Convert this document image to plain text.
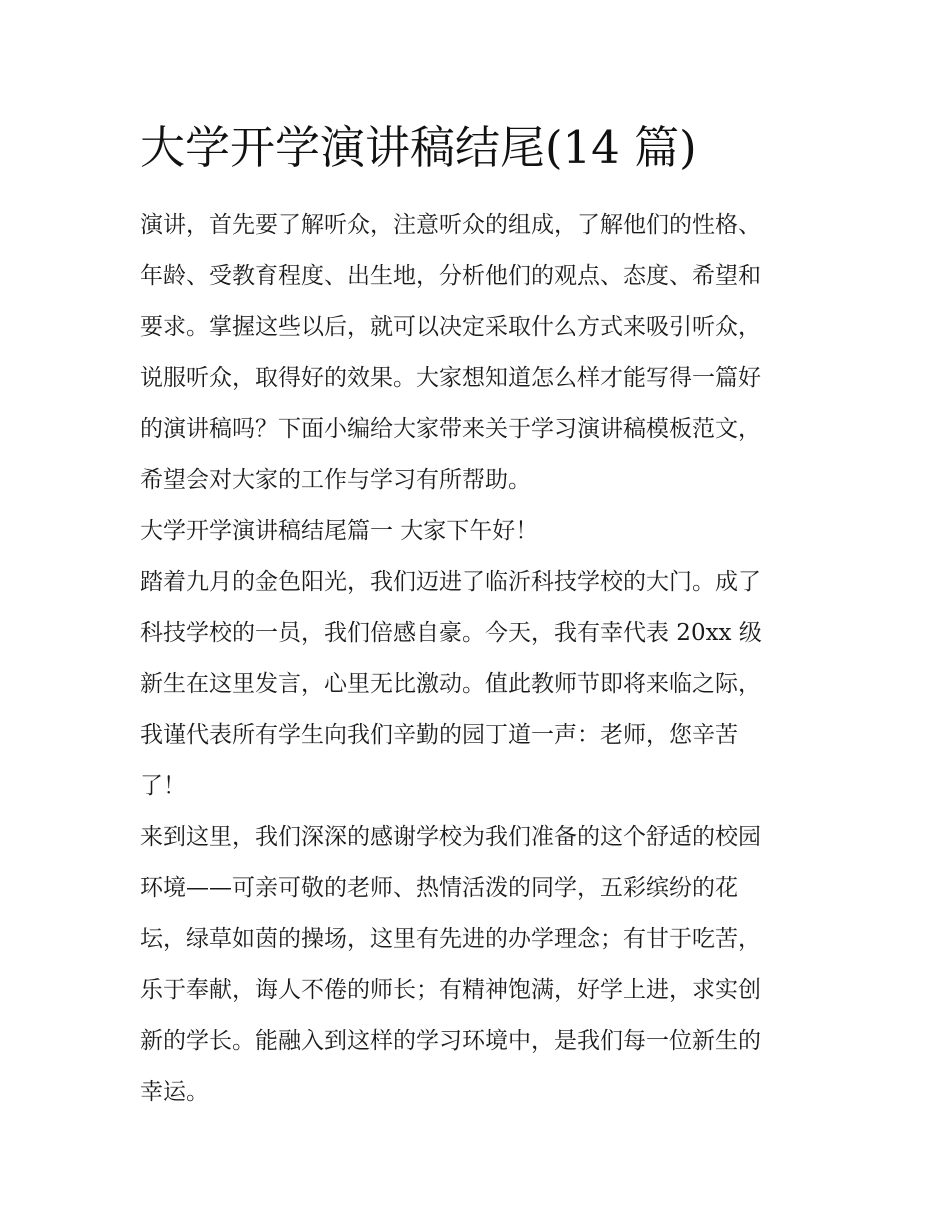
大学开学演讲稿结尾(14 篇)
演讲，首先要了解听众，注意听众的组成，了解他们的性格、
年龄、受教育程度、出生地，分析他们的观点、态度、希望和
要求。掌握这些以后，就可以决定采取什么方式来吸引听众，
说服听众，取得好的效果。大家想知道怎么样才能写得一篇好
的演讲稿吗？下面小编给大家带来关于学习演讲稿模板范文，
希望会对大家的工作与学习有所帮助。
大学开学演讲稿结尾篇一 大家下午好！
踏着九月的金色阳光，我们迈进了临沂科技学校的大门。成了
科技学校的一员，我们倍感自豪。今天，我有幸代表 20xx 级
新生在这里发言，心里无比激动。值此教师节即将来临之际，
我谨代表所有学生向我们辛勤的园丁道一声：老师，您辛苦
了！
来到这里，我们深深的感谢学校为我们准备的这个舒适的校园
环境——可亲可敬的老师、热情活泼的同学，五彩缤纷的花
坛，绿草如茵的操场，这里有先进的办学理念；有甘于吃苦，
乐于奉献，诲人不倦的师长；有精神饱满，好学上进，求实创
新的学长。能融入到这样的学习环境中，是我们每一位新生的
幸运。
